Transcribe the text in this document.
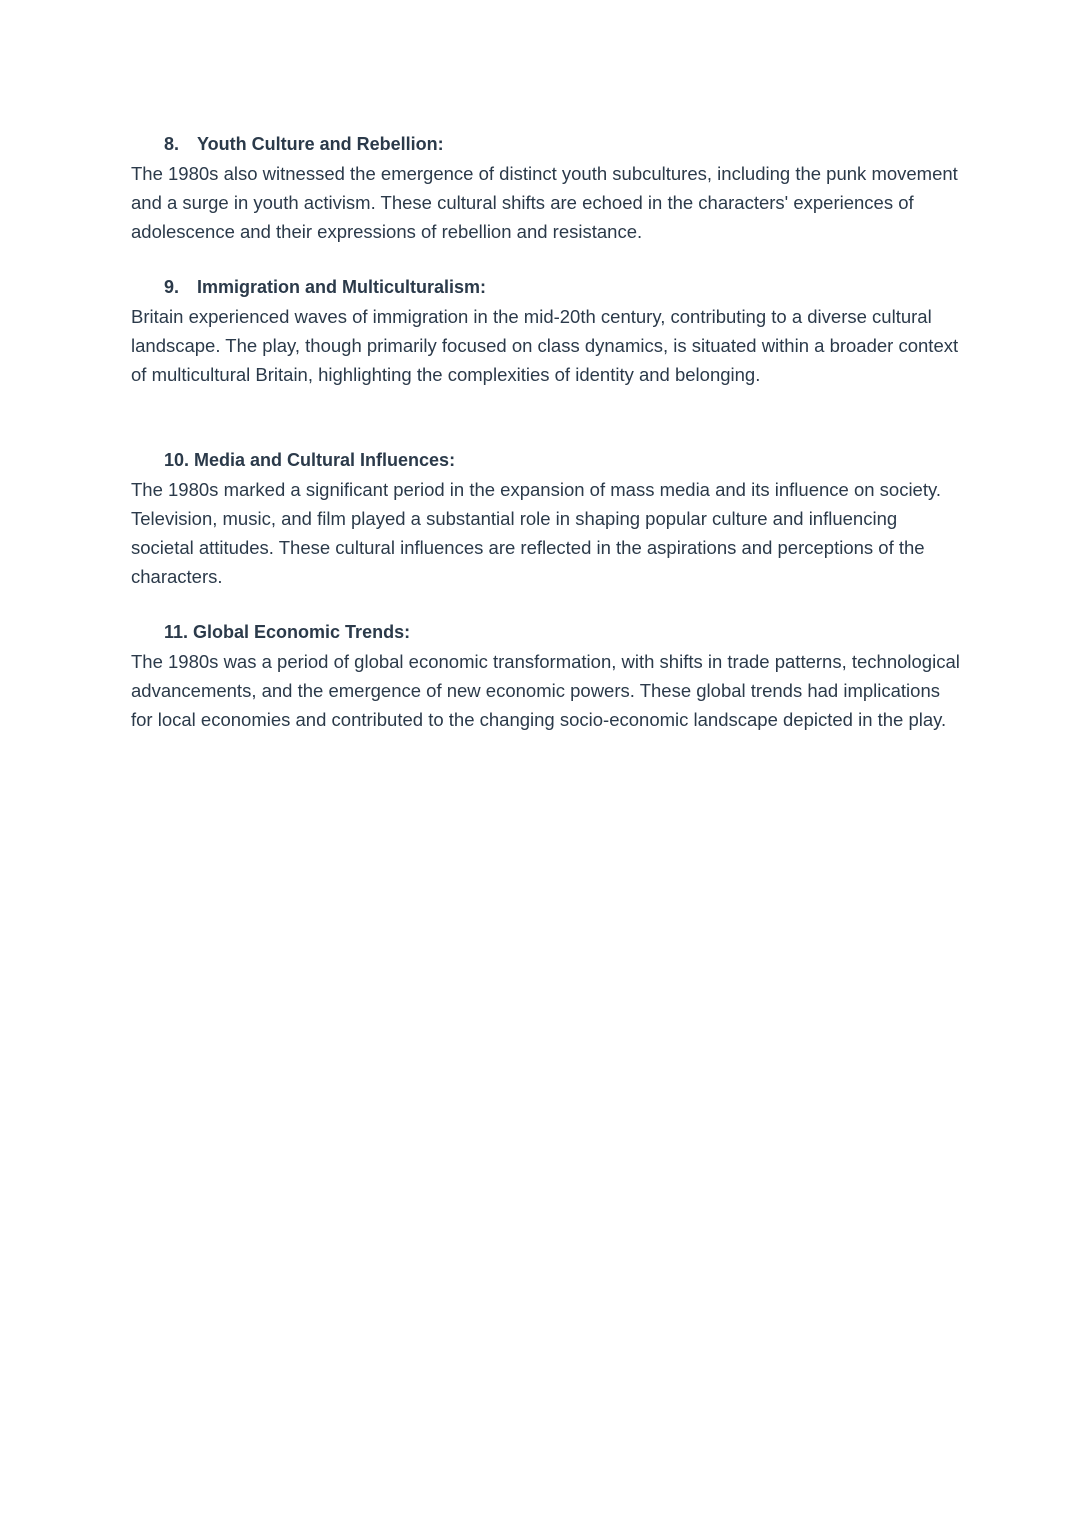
8. Youth Culture and Rebellion:

The 1980s also witnessed the emergence of distinct youth subcultures, including the punk movement and a surge in youth activism. These cultural shifts are echoed in the characters' experiences of adolescence and their expressions of rebellion and resistance.

9. Immigration and Multiculturalism:

Britain experienced waves of immigration in the mid-20th century, contributing to a diverse cultural landscape. The play, though primarily focused on class dynamics, is situated within a broader context of multicultural Britain, highlighting the complexities of identity and belonging.

10. Media and Cultural Influences:

The 1980s marked a significant period in the expansion of mass media and its influence on society. Television, music, and film played a substantial role in shaping popular culture and influencing societal attitudes. These cultural influences are reflected in the aspirations and perceptions of the characters.

11. Global Economic Trends:

The 1980s was a period of global economic transformation, with shifts in trade patterns, technological advancements, and the emergence of new economic powers. These global trends had implications for local economies and contributed to the changing socio-economic landscape depicted in the play.
